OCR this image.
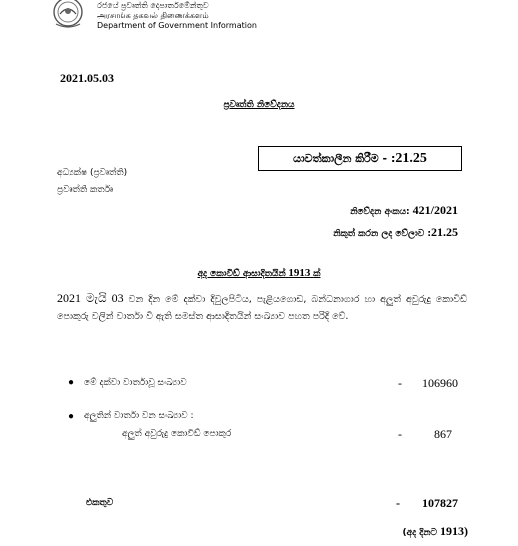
රජයේ ප්‍රවෘත්ති දෙපාර්තමේන්තුව
அரசாங்க தகவல் திணைக்களம்
Department of Government Information
2021.05.03
ප්‍රවෘත්ති නිවේදනය
යාවත්කාලීන කිරීම - : 21.25
අධ්‍යක්ෂ (ප්‍රවෘත්ති)
ප්‍රවෘත්ති කර්තෘ
නිවේදන අංකය: 421/2021
නිකුත් කරන ලද වේලාව :21.25
අද කොවිඩ් ආසාදිතයින් 1913 ක්
2021 මැයි 03 වන දින මේ දක්වා දිවුලපිටිය, පැළියගොඩ, බන්ධනාගාර හා අලුත් අවුරුදු කොවිඩ් පොකුරු වලින් වාර්තා වී ඇති සමස්ත ආසාදිතයින් සංඛ්‍යාව පහත පරිදි වේ.
● මේ දක්වා වාර්තාවූ සංඛ්‍යාව	- 106960
● අලුතින් වාර්තා වන සංඛ්‍යාව :
අලුත් අවුරුදු කොවිඩ් පොකුර	-	867
එකතුව	- 107827
(අද දිනට 1913)
